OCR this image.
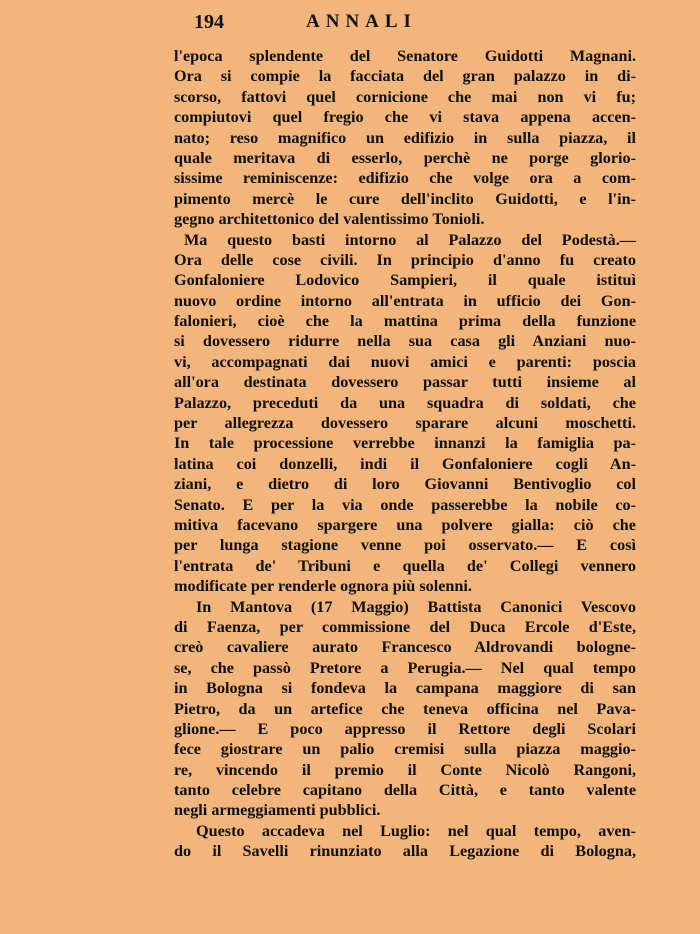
194	ANNALI
l'epoca splendente del Senatore Guidotti Magnani.
Ora si compie la facciata del gran palazzo in di-
scorso, fattovi quel cornicione che mai non vi fu;
compiutovi quel fregio che vi stava appena accen-
nato; reso magnifico un edifizio in sulla piazza, il
quale meritava di esserlo, perchè ne porge glorio-
sissime reminiscenze: edifizio che volge ora a com-
pimento mercè le cure dell'inclito Guidotti, e l'in-
gegno architettonico del valentissimo Tonioli.
Ma questo basti intorno al Palazzo del Podestà.—
Ora delle cose civili. In principio d'anno fu creato
Gonfaloniere Lodovico Sampieri, il quale istituì
nuovo ordine intorno all'entrata in ufficio dei Gon-
falonieri, cioè che la mattina prima della funzione
si dovessero ridurre nella sua casa gli Anziani nuo-
vi, accompagnati dai nuovi amici e parenti: poscia
all'ora destinata dovessero passar tutti insieme al
Palazzo, preceduti da una squadra di soldati, che
per allegrezza dovessero sparare alcuni moschetti.
In tale processione verrebbe innanzi la famiglia pa-
latina coi donzelli, indi il Gonfaloniere cogli An-
ziani, e dietro di loro Giovanni Bentivoglio col
Senato. E per la via onde passerebbe la nobile co-
mitiva facevano spargere una polvere gialla: ciò che
per lunga stagione venne poi osservato.— E così
l'entrata de' Tribuni e quella de' Collegi vennero
modificate per renderle ognora più solenni.
In Mantova (17 Maggio) Battista Canonici Vescovo
di Faenza, per commissione del Duca Ercole d'Este,
creò cavaliere aurato Francesco Aldrovandi bologne-
se, che passò Pretore a Perugia.— Nel qual tempo
in Bologna si fondeva la campana maggiore di san
Pietro, da un artefice che teneva officina nel Pava-
glione.— E poco appresso il Rettore degli Scolari
fece giostrare un palio cremisi sulla piazza maggio-
re, vincendo il premio il Conte Nicolò Rangoni,
tanto celebre capitano della Città, e tanto valente
negli armeggiamenti pubblici.
Questo accadeva nel Luglio: nel qual tempo, aven-
do il Savelli rinunziato alla Legazione di Bologna,
